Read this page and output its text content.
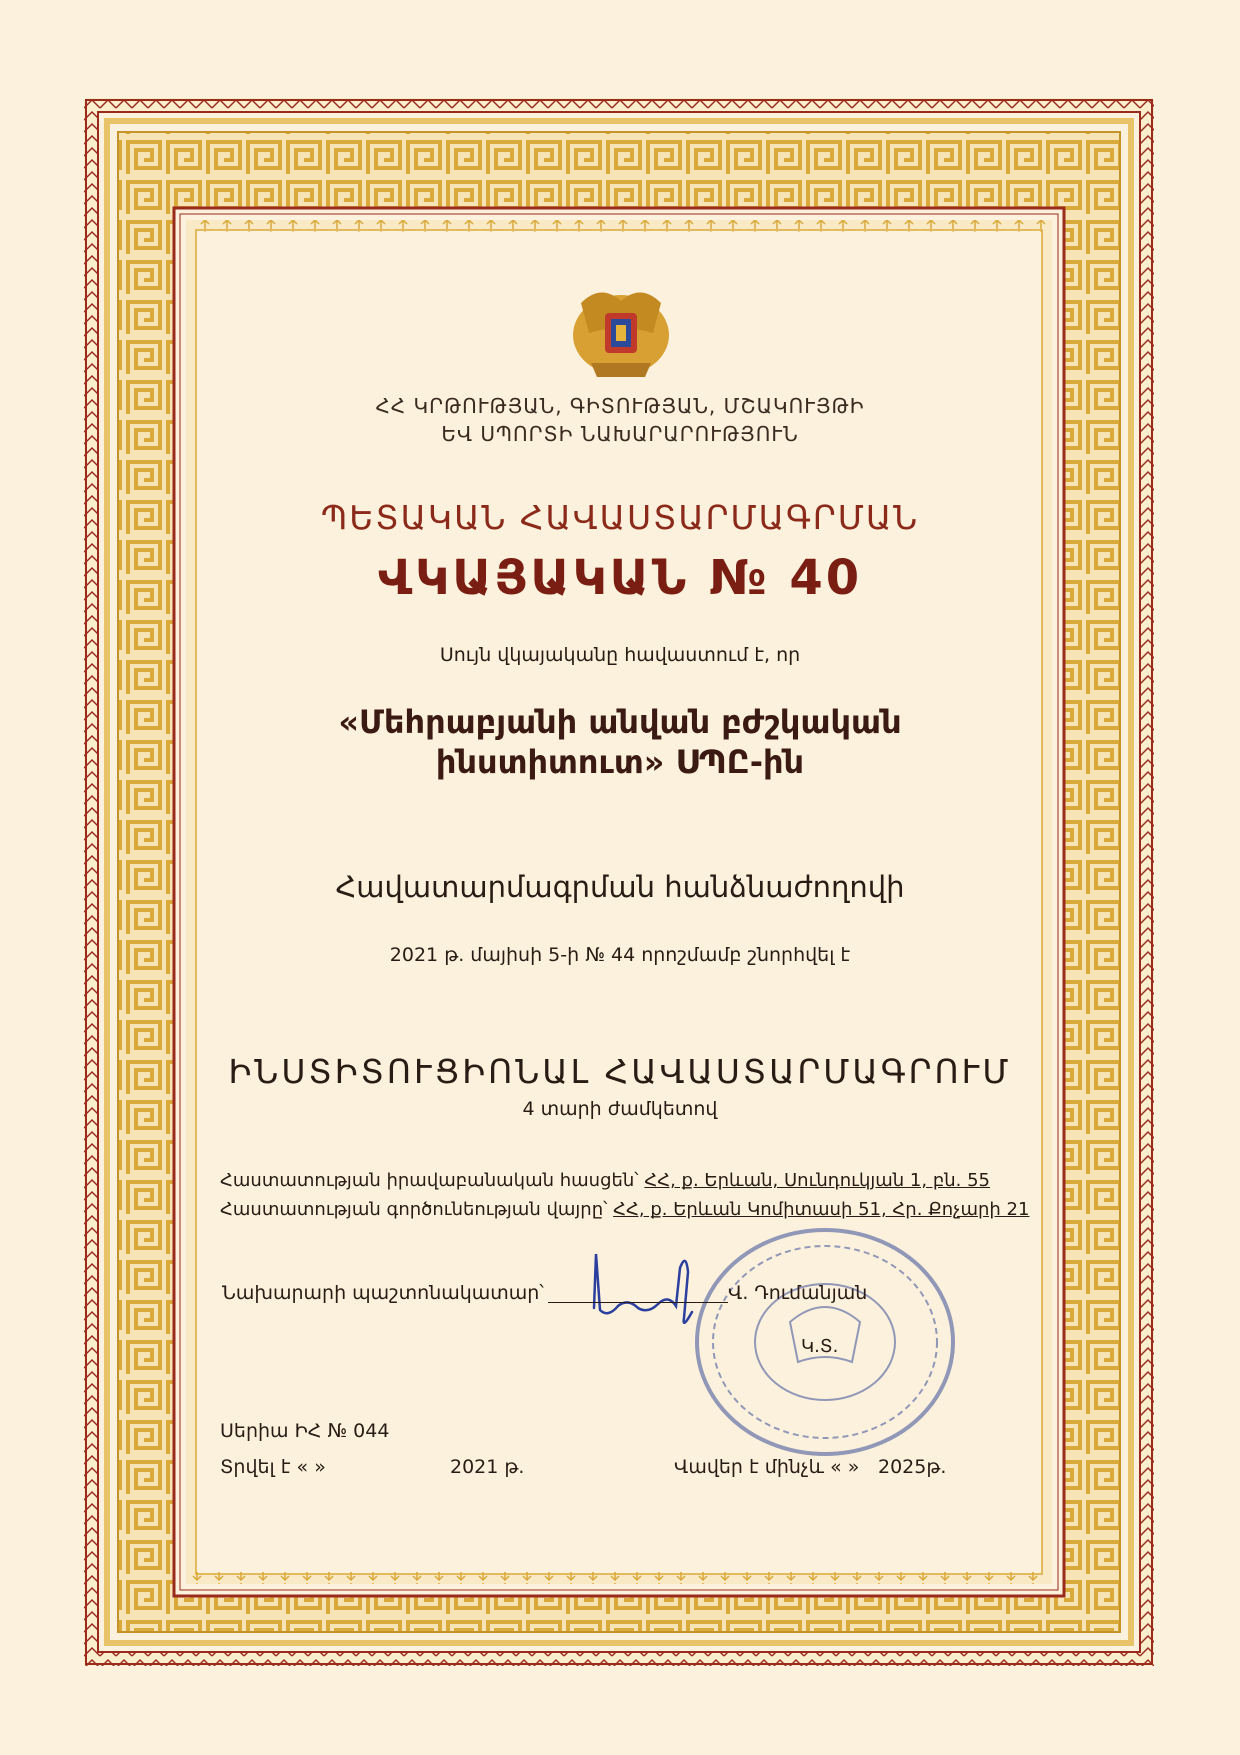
ՀՀ ԿՐԹՈՒԹՅԱՆ, ԳԻՏՈՒԹՅԱՆ, ՄՇԱԿՈՒՅԹԻ
ԵՎ ՍՊՈՐՏԻ ՆԱԽԱՐԱՐՈՒԹՅՈՒՆ
ՊԵՏԱԿԱՆ ՀԱՎԱՍՏԱՐՄԱԳՐՄԱՆ
ՎԿԱՅԱԿԱՆ № 40
Սույն վկայականը հավաստում է, որ
«Մեհրաբյանի անվան բժշկական
ինստիտուտ» ՍՊԸ-ին
Հավատարմագրման հանձնաժողովի
2021 թ. մայիսի 5-ի № 44 որոշմամբ շնորհվել է
ԻՆՍՏԻՏՈՒՑԻՈՆԱԼ ՀԱՎԱՍՏԱՐՄԱԳՐՈՒՄ
4 տարի ժամկետով
Հաստատության իրավաբանական հասցեն՝ ՀՀ, ք. Երևան, Սունդուկյան 1, բն. 55
Հաստատության գործունեության վայրը՝ ՀՀ, ք. Երևան Կոմիտասի 51, Հր. Քոչարի 21
Նախարարի պաշտոնակատար՝	Վ. Դումանյան
Կ.Տ.
Սերիա ԻՀ № 044
Տրվել է « »	2021 թ.	Վավեր է մինչև « » 2025թ.
